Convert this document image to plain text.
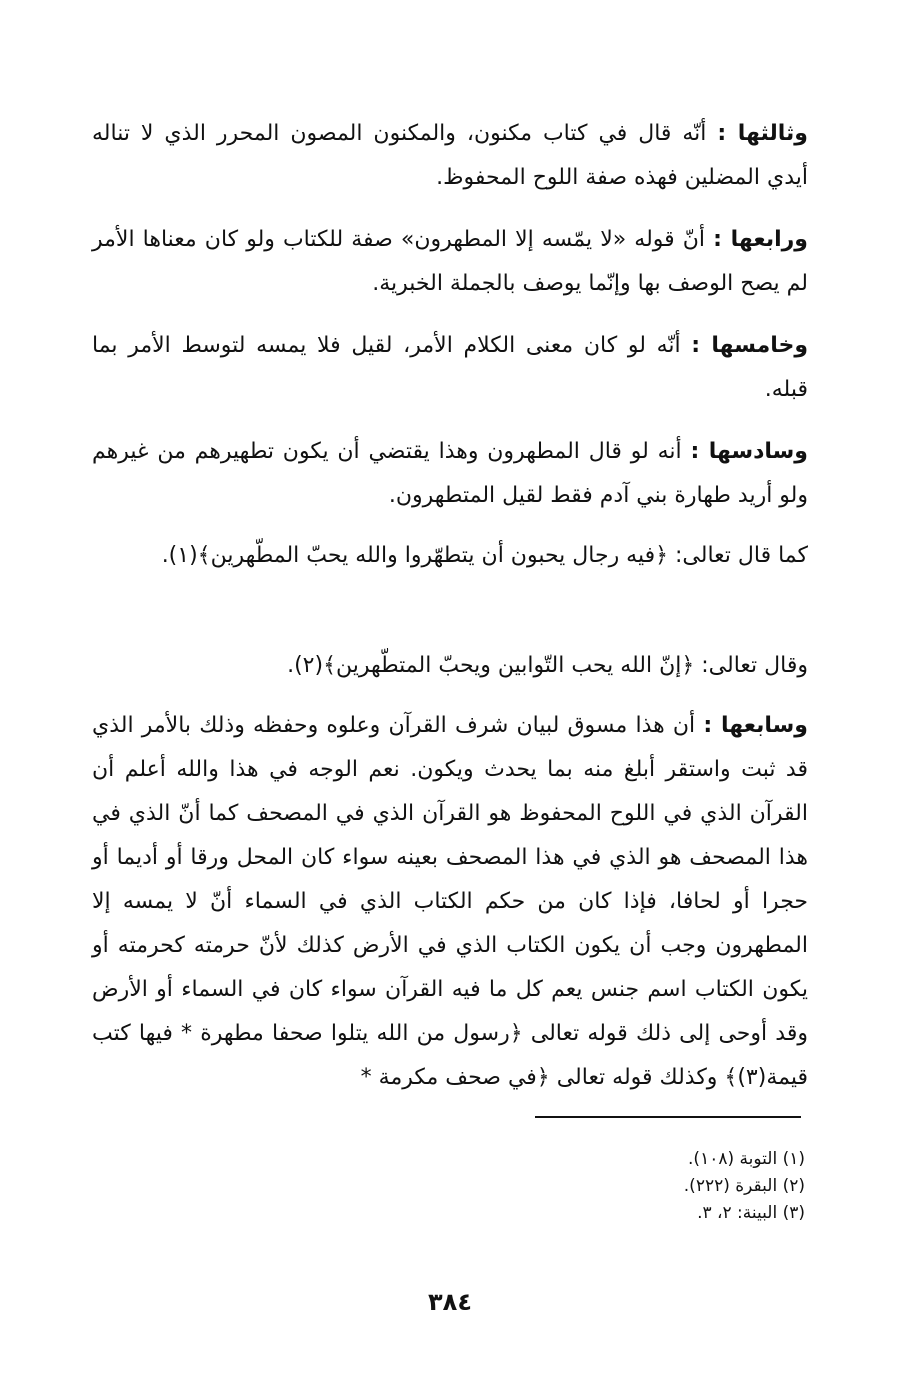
وثالثها : أنّه قال في كتاب مكنون، والمكنون المصون المحرر الذي لا تناله أيدي المضلين فهذه صفة اللوح المحفوظ.

ورابعها : أنّ قوله «لا يمّسه إلا المطهرون» صفة للكتاب ولو كان معناها الأمر لم يصح الوصف بها وإنّما يوصف بالجملة الخبرية.

وخامسها : أنّه لو كان معنى الكلام الأمر، لقيل فلا يمسه لتوسط الأمر بما قبله.

وسادسها : أنه لو قال المطهرون وهذا يقتضي أن يكون تطهيرهم من غيرهم ولو أريد طهارة بني آدم فقط لقيل المتطهرون.

كما قال تعالى: ﴿فيه رجال يحبون أن يتطهّروا والله يحبّ المطّهرين﴾(١).

وقال تعالى: ﴿إنّ الله يحب التّوابين ويحبّ المتطّهرين﴾(٢).

وسابعها : أن هذا مسوق لبيان شرف القرآن وعلوه وحفظه وذلك بالأمر الذي قد ثبت واستقر أبلغ منه بما يحدث ويكون. نعم الوجه في هذا والله أعلم أن القرآن الذي في اللوح المحفوظ هو القرآن الذي في المصحف كما أنّ الذي في هذا المصحف هو الذي في هذا المصحف بعينه سواء كان المحل ورقا أو أديما أو حجرا أو لحافا، فإذا كان من حكم الكتاب الذي في السماء أنّ لا يمسه إلا المطهرون وجب أن يكون الكتاب الذي في الأرض كذلك لأنّ حرمته كحرمته أو يكون الكتاب اسم جنس يعم كل ما فيه القرآن سواء كان في السماء أو الأرض وقد أوحى إلى ذلك قوله تعالى ﴿رسول من الله يتلوا صحفا مطهرة * فيها كتب قيمة(٣)﴾ وكذلك قوله تعالى ﴿في صحف مكرمة *

(١) التوبة (١٠٨).

(٢) البقرة (٢٢٢).

(٣) البينة: ٢، ٣.

٣٨٤
